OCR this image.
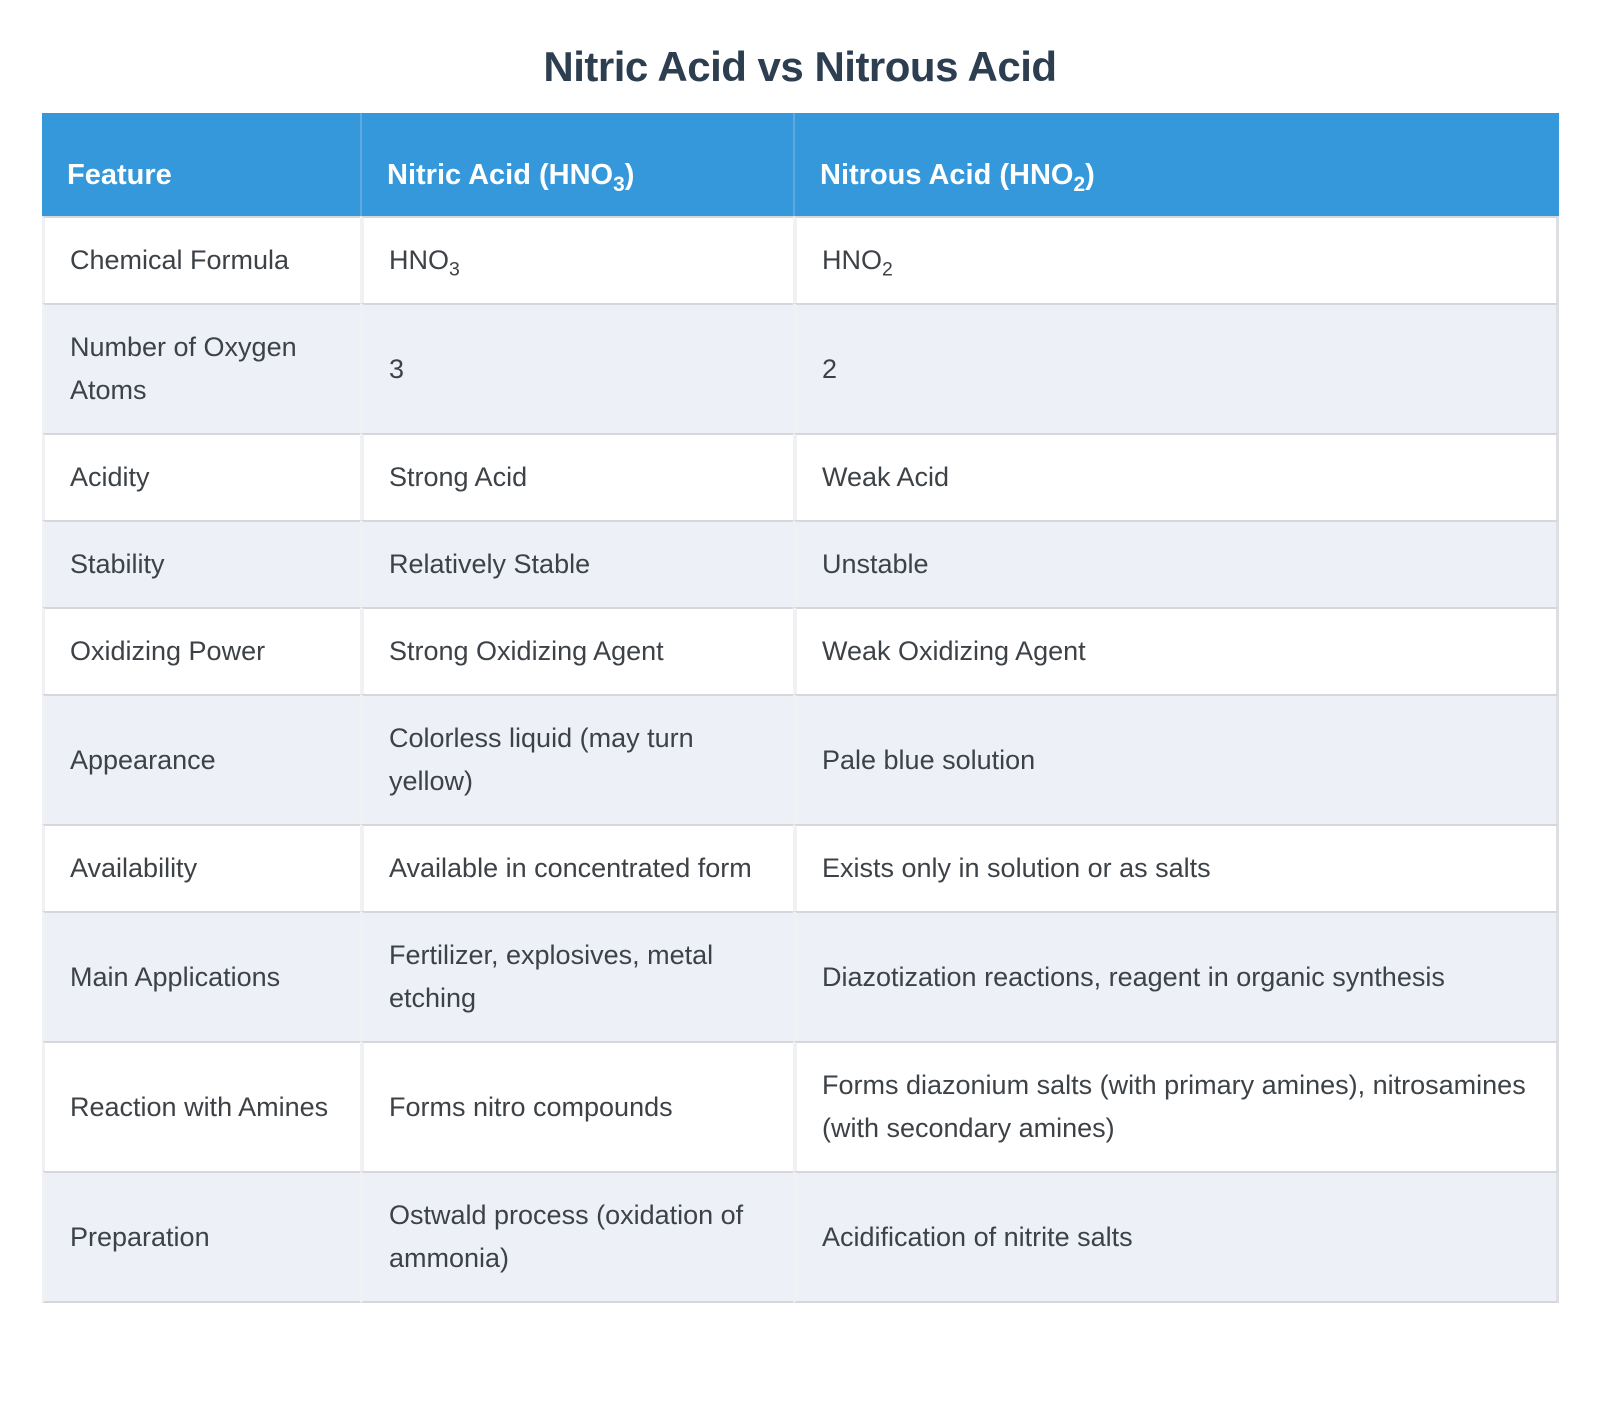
Nitric Acid vs Nitrous Acid
Feature	Nitric Acid $(HNO_3)$	Nitrous Acid $(HNO_2)$
Chemical Formula	$HNO_3$	$HNO_2$
Number of Oxygen Atoms	3	2
Acidity	Strong Acid	Weak Acid
Stability	Relatively Stable	Unstable
Oxidizing Power	Strong Oxidizing Agent	Weak Oxidizing Agent
Appearance	Colorless liquid (may turn yellow)	Pale blue solution
Availability	Available in concentrated form	Exists only in solution or as salts
Main Applications	Fertilizer, explosives, metal etching	Diazotization reactions, reagent in organic synthesis
Reaction with Amines	Forms nitro compounds	Forms diazonium salts (with primary amines), nitrosamines (with secondary amines)
Preparation	Ostwald process (oxidation of ammonia)	Acidification of nitrite salts
